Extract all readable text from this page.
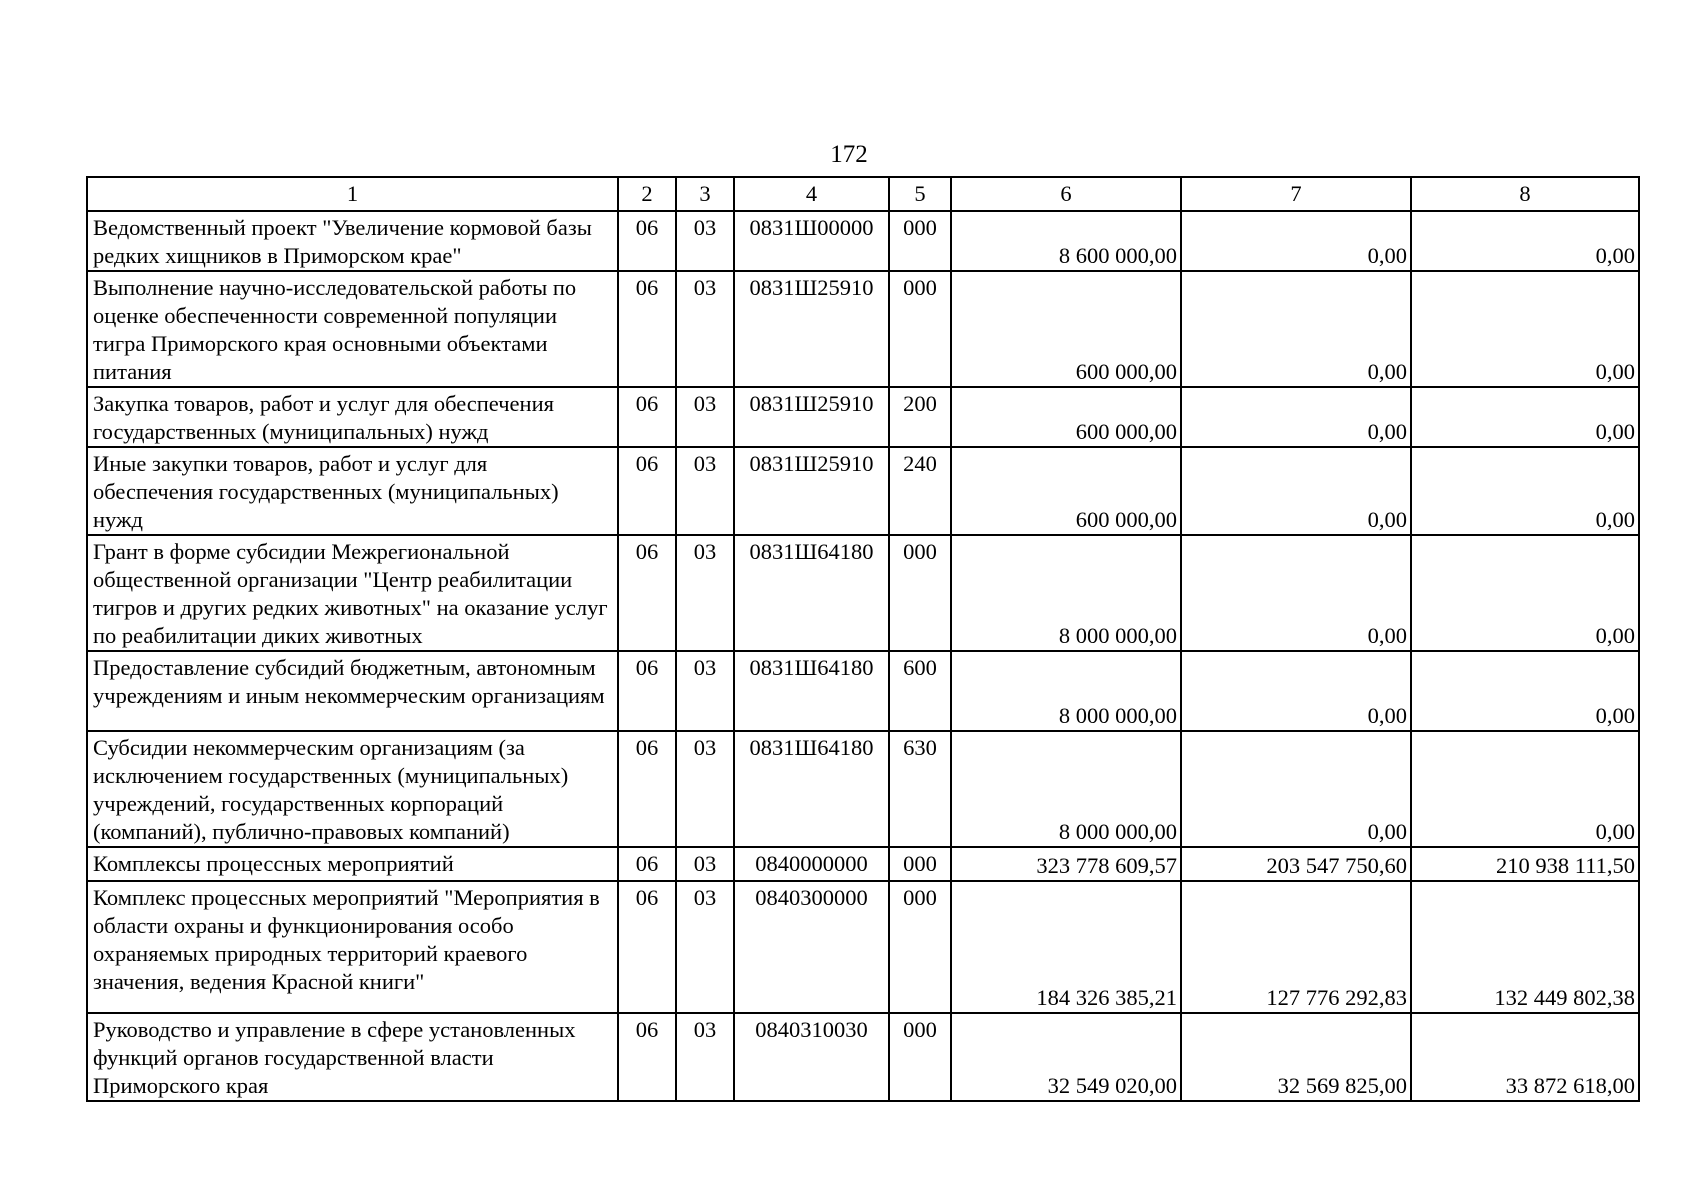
172
1	2	3	4	5	6	7	8
Ведомственный проект "Увеличение кормовой базы редких хищников в Приморском крае"	06	03	0831Ш00000	000	8 600 000,00	0,00	0,00
Выполнение научно-исследовательской работы по оценке обеспеченности современной популяции тигра Приморского края основными объектами питания	06	03	0831Ш25910	000	600 000,00	0,00	0,00
Закупка товаров, работ и услуг для обеспечения государственных (муниципальных) нужд	06	03	0831Ш25910	200	600 000,00	0,00	0,00
Иные закупки товаров, работ и услуг для обеспечения государственных (муниципальных) нужд	06	03	0831Ш25910	240	600 000,00	0,00	0,00
Грант в форме субсидии Межрегиональной общественной организации "Центр реабилитации тигров и других редких животных" на оказание услуг по реабилитации диких животных	06	03	0831Ш64180	000	8 000 000,00	0,00	0,00
Предоставление субсидий бюджетным, автономным учреждениям и иным некоммерческим организациям	06	03	0831Ш64180	600	8 000 000,00	0,00	0,00
Субсидии некоммерческим организациям (за исключением государственных (муниципальных) учреждений, государственных корпораций (компаний), публично-правовых компаний)	06	03	0831Ш64180	630	8 000 000,00	0,00	0,00
Комплексы процессных мероприятий	06	03	0840000000	000	323 778 609,57	203 547 750,60	210 938 111,50
Комплекс процессных мероприятий "Мероприятия в области охраны и функционирования особо охраняемых природных территорий краевого значения, ведения Красной книги"	06	03	0840300000	000	184 326 385,21	127 776 292,83	132 449 802,38
Руководство и управление в сфере установленных функций органов государственной власти Приморского края	06	03	0840310030	000	32 549 020,00	32 569 825,00	33 872 618,00
